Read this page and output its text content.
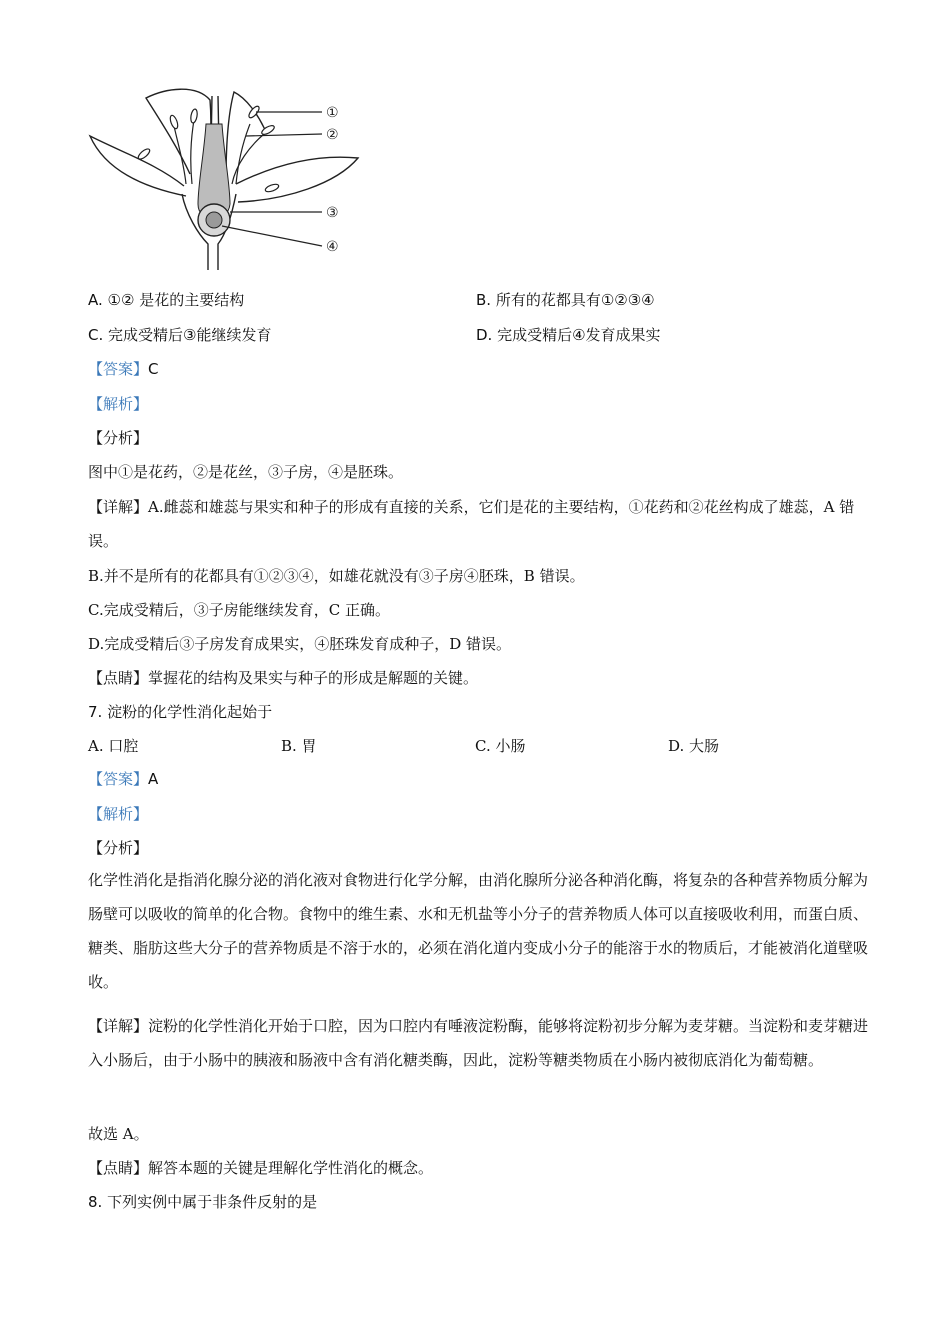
①
②
③
④
A. ①② 是花的主要结构	B. 所有的花都具有①②③④
C. 完成受精后③能继续发育	D. 完成受精后④发育成果实
【答案】C
【解析】
【分析】
图中①是花药，②是花丝，③子房，④是胚珠。
【详解】A.雌蕊和雄蕊与果实和种子的形成有直接的关系，它们是花的主要结构，①花药和②花丝构成了雄蕊，A 错误。
B.并不是所有的花都具有①②③④，如雄花就没有③子房④胚珠，B 错误。
C.完成受精后，③子房能继续发育，C 正确。
D.完成受精后③子房发育成果实，④胚珠发育成种子，D 错误。
【点睛】掌握花的结构及果实与种子的形成是解题的关键。
7. 淀粉的化学性消化起始于
A. 口腔	B. 胃	C. 小肠	D. 大肠
【答案】A
【解析】
【分析】
化学性消化是指消化腺分泌的消化液对食物进行化学分解，由消化腺所分泌各种消化酶，将复杂的各种营养物质分解为肠壁可以吸收的简单的化合物。食物中的维生素、水和无机盐等小分子的营养物质人体可以直接吸收利用，而蛋白质、糖类、脂肪这些大分子的营养物质是不溶于水的，必须在消化道内变成小分子的能溶于水的物质后，才能被消化道壁吸收。
【详解】淀粉的化学性消化开始于口腔，因为口腔内有唾液淀粉酶，能够将淀粉初步分解为麦芽糖。当淀粉和麦芽糖进入小肠后，由于小肠中的胰液和肠液中含有消化糖类酶，因此，淀粉等糖类物质在小肠内被彻底消化为葡萄糖。
故选 A。
【点睛】解答本题的关键是理解化学性消化的概念。
8. 下列实例中属于非条件反射的是
